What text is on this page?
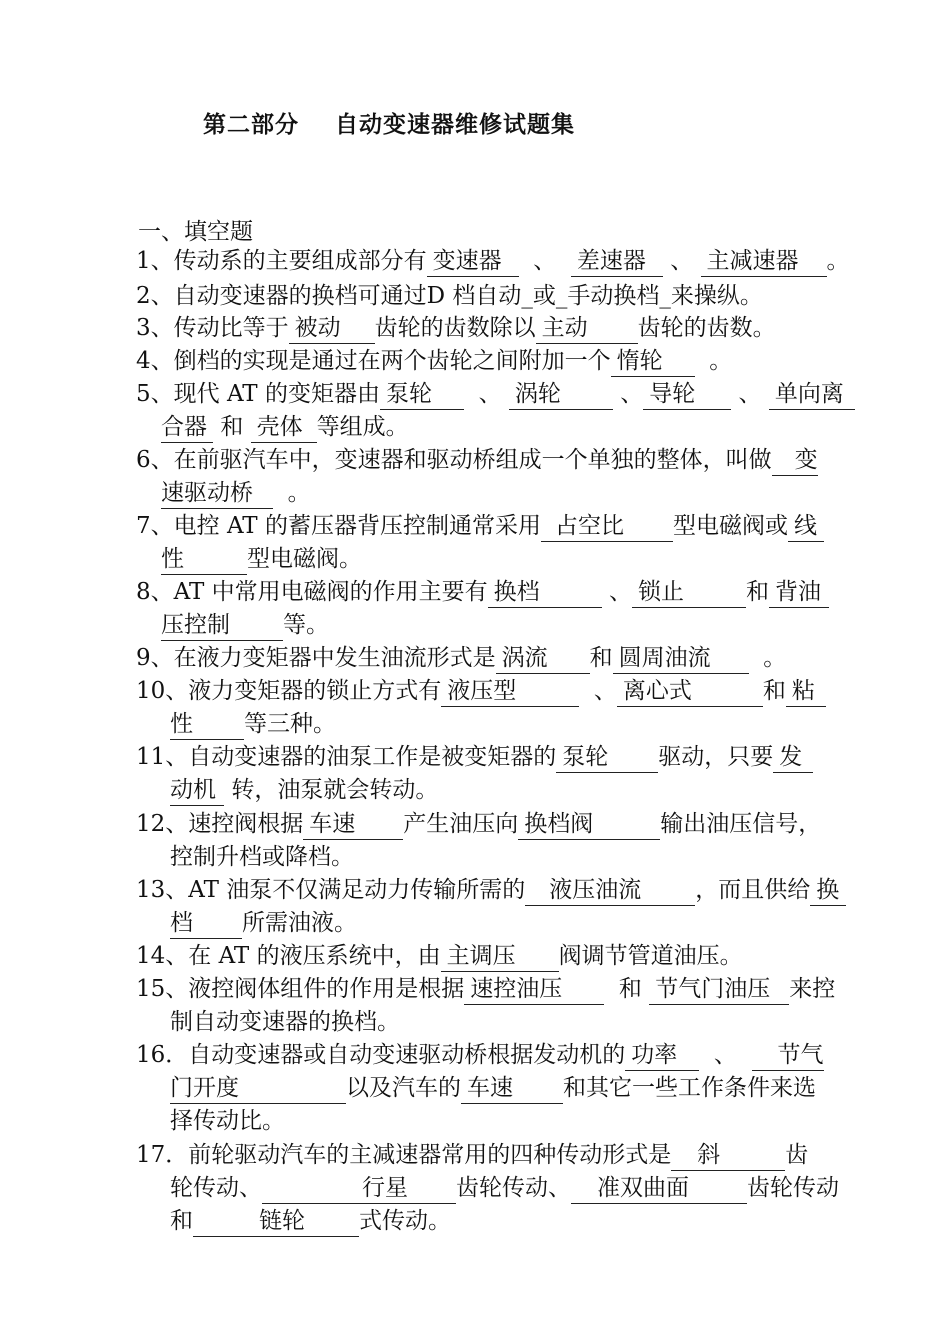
第二部分    自动变速器维修试题集
一、填空题
1、传动系的主要组成部分有 变速器 、 差速器 、 主减速器 。
2、自动变速器的换档可通过D 档自动_或_手动换档_来操纵。
3、传动比等于 被动 齿轮的齿数除以 主动 齿轮的齿数。
4、倒档的实现是通过在两个齿轮之间附加一个 惰轮 。
5、现代 AT 的变矩器由 泵轮 、 涡轮	、 导轮 、 单向离
合器 和 壳体 等组成。
6、在前驱汽车中，变速器和驱动桥组成一个单独的整体，叫做 变
速驱动桥 。
7、电控 AT 的蓄压器背压控制通常采用 占空比 型电磁阀或 线
性	型电磁阀。
8、AT 中常用电磁阀的作用主要有 换档	、 锁止	和 背油
压控制 等。
9、在液力变矩器中发生油流形式是 涡流 和 圆周油流 。
10、液力变矩器的锁止方式有 液压型	、 离心式	和 粘
性 等三种。
11、自动变速器的油泵工作是被变矩器的 泵轮 驱动，只要 发
动机 转，油泵就会转动。
12、速控阀根据 车速 产生油压向 换档阀	输出油压信号，
控制升档或降档。
13、AT 油泵不仅满足动力传输所需的 液压油流 ，而且供给 换
档 所需油液。
14、在 AT 的液压系统中，由 主调压 阀调节管道油压。
15、液控阀体组件的作用是根据 速控油压 和 节气门油压 来控
制自动变速器的换档。
16．自动变速器或自动变速驱动桥根据发动机的 功率 、 节气
门开度	以及汽车的 车速 和其它一些工作条件来选
择传动比。
17．前轮驱动汽车的主减速器常用的四种传动形式是 斜	齿
轮传动、	行星 齿轮传动、 准双曲面	齿轮传动
和	链轮 式传动。
